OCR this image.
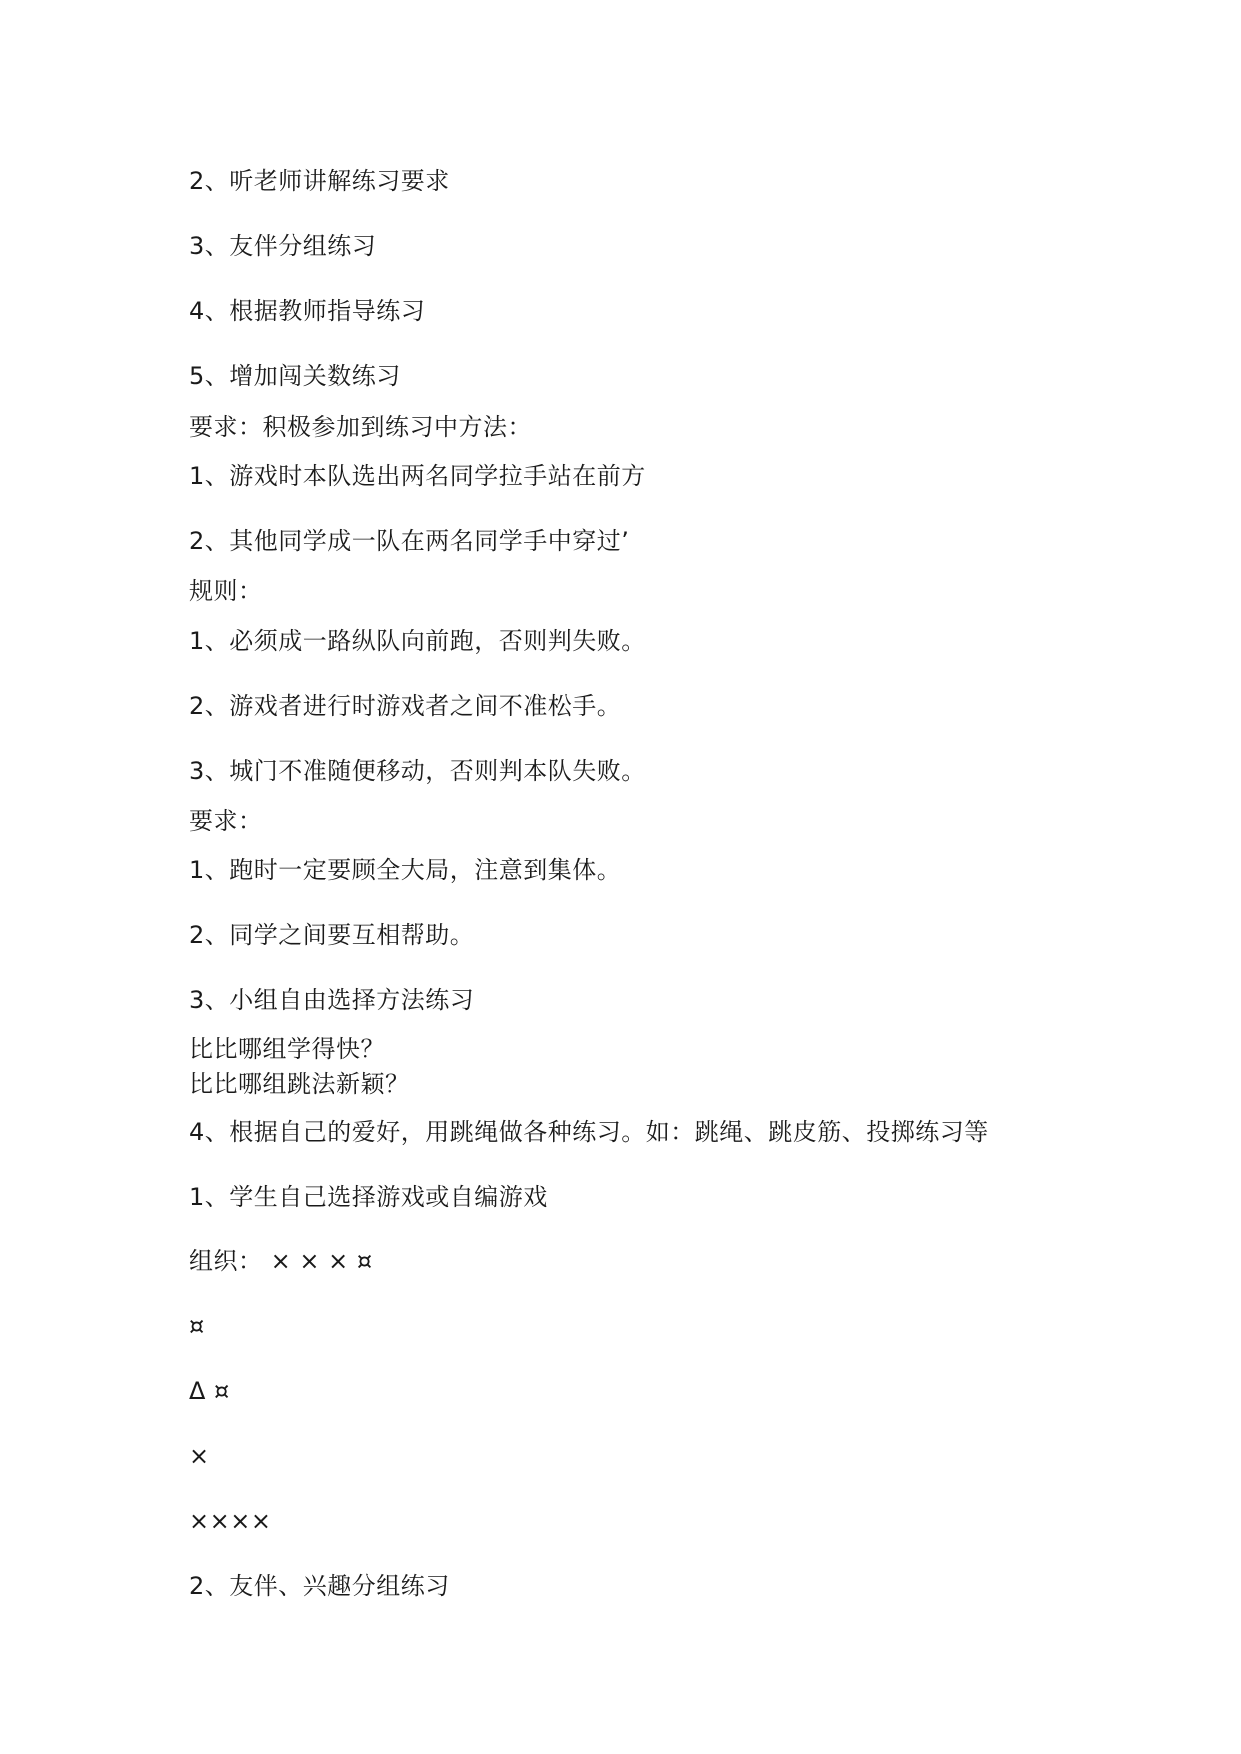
2、听老师讲解练习要求
3、友伴分组练习
4、根据教师指导练习
5、增加闯关数练习
要求：积极参加到练习中方法：
1、游戏时本队选出两名同学拉手站在前方
2、其他同学成一队在两名同学手中穿过’
规则：
1、必须成一路纵队向前跑，否则判失败。
2、游戏者进行时游戏者之间不准松手。
3、城门不准随便移动，否则判本队失败。
要求：
1、跑时一定要顾全大局，注意到集体。
2、同学之间要互相帮助。
3、小组自由选择方法练习
比比哪组学得快？
比比哪组跳法新颖？
4、根据自己的爱好，用跳绳做各种练习。如：跳绳、跳皮筋、投掷练习等
1、学生自己选择游戏或自编游戏
组织： × × × ¤
¤
Δ ¤
×
××××
2、友伴、兴趣分组练习
